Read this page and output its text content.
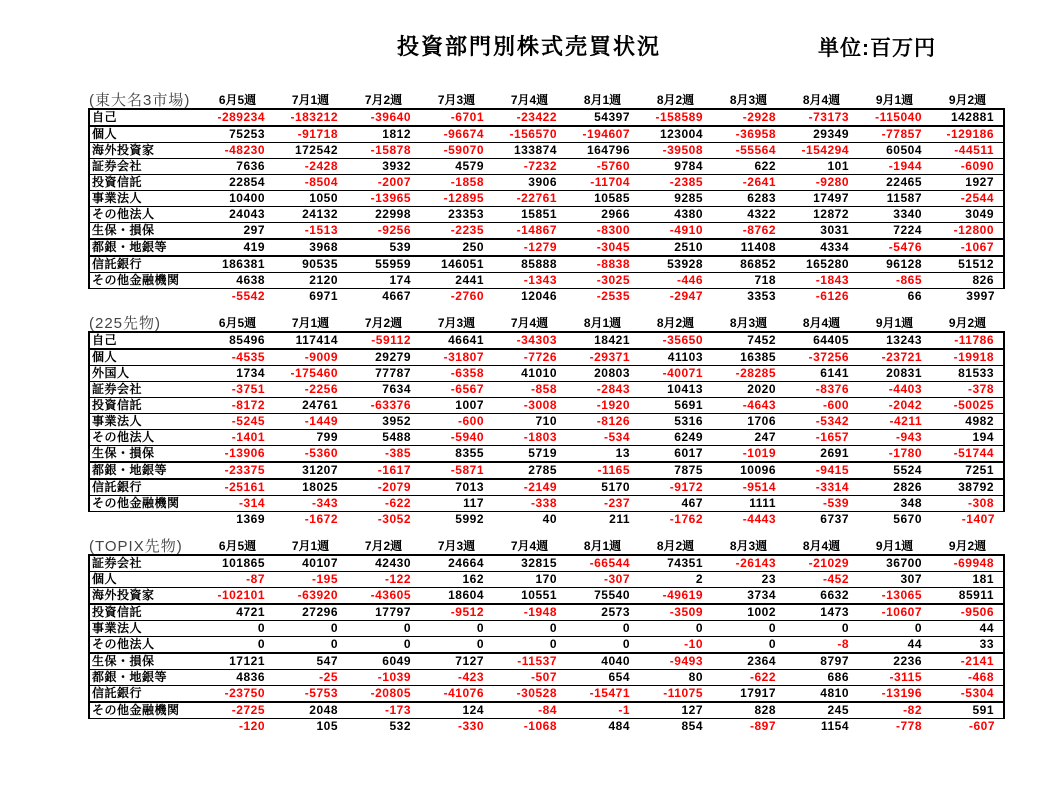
投資部門別株式売買状況	単位:百万円
(東大名3市場)	6月5週	7月1週	7月2週	7月3週	7月4週	8月1週	8月2週	8月3週	8月4週	9月1週	9月2週
自己	-289234	-183212	-39640	-6701	-23422	54397	-158589	-2928	-73173	-115040	142881
個人	75253	-91718	1812	-96674	-156570	-194607	123004	-36958	29349	-77857	-129186
海外投資家	-48230	172542	-15878	-59070	133874	164796	-39508	-55564	-154294	60504	-44511
証券会社	7636	-2428	3932	4579	-7232	-5760	9784	622	101	-1944	-6090
投資信託	22854	-8504	-2007	-1858	3906	-11704	-2385	-2641	-9280	22465	1927
事業法人	10400	1050	-13965	-12895	-22761	10585	9285	6283	17497	11587	-2544
その他法人	24043	24132	22998	23353	15851	2966	4380	4322	12872	3340	3049
生保・損保	297	-1513	-9256	-2235	-14867	-8300	-4910	-8762	3031	7224	-12800
都銀・地銀等	419	3968	539	250	-1279	-3045	2510	11408	4334	-5476	-1067
信託銀行	186381	90535	55959	146051	85888	-8838	53928	86852	165280	96128	51512
その他金融機関	4638	2120	174	2441	-1343	-3025	-446	718	-1843	-865	826
	-5542	6971	4667	-2760	12046	-2535	-2947	3353	-6126	66	3997
(225先物)	6月5週	7月1週	7月2週	7月3週	7月4週	8月1週	8月2週	8月3週	8月4週	9月1週	9月2週
自己	85496	117414	-59112	46641	-34303	18421	-35650	7452	64405	13243	-11786
個人	-4535	-9009	29279	-31807	-7726	-29371	41103	16385	-37256	-23721	-19918
外国人	1734	-175460	77787	-6358	41010	20803	-40071	-28285	6141	20831	81533
証券会社	-3751	-2256	7634	-6567	-858	-2843	10413	2020	-8376	-4403	-378
投資信託	-8172	24761	-63376	1007	-3008	-1920	5691	-4643	-600	-2042	-50025
事業法人	-5245	-1449	3952	-600	710	-8126	5316	1706	-5342	-4211	4982
その他法人	-1401	799	5488	-5940	-1803	-534	6249	247	-1657	-943	194
生保・損保	-13906	-5360	-385	8355	5719	13	6017	-1019	2691	-1780	-51744
都銀・地銀等	-23375	31207	-1617	-5871	2785	-1165	7875	10096	-9415	5524	7251
信託銀行	-25161	18025	-2079	7013	-2149	5170	-9172	-9514	-3314	2826	38792
その他金融機関	-314	-343	-622	117	-338	-237	467	1111	-539	348	-308
	1369	-1672	-3052	5992	40	211	-1762	-4443	6737	5670	-1407
(TOPIX先物)	6月5週	7月1週	7月2週	7月3週	7月4週	8月1週	8月2週	8月3週	8月4週	9月1週	9月2週
証券会社	101865	40107	42430	24664	32815	-66544	74351	-26143	-21029	36700	-69948
個人	-87	-195	-122	162	170	-307	2	23	-452	307	181
海外投資家	-102101	-63920	-43605	18604	10551	75540	-49619	3734	6632	-13065	85911
投資信託	4721	27296	17797	-9512	-1948	2573	-3509	1002	1473	-10607	-9506
事業法人	0	0	0	0	0	0	0	0	0	0	44
その他法人	0	0	0	0	0	0	-10	0	-8	44	33
生保・損保	17121	547	6049	7127	-11537	4040	-9493	2364	8797	2236	-2141
都銀・地銀等	4836	-25	-1039	-423	-507	654	80	-622	686	-3115	-468
信託銀行	-23750	-5753	-20805	-41076	-30528	-15471	-11075	17917	4810	-13196	-5304
その他金融機関	-2725	2048	-173	124	-84	-1	127	828	245	-82	591
	-120	105	532	-330	-1068	484	854	-897	1154	-778	-607
